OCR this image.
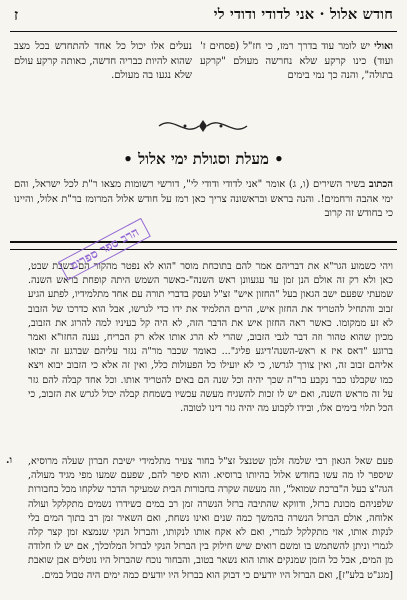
חודש אלול · אני לדודי ודודי לי
ז
ואולי יש לומר עוד בדרך רמז, כי חז"ל (פסחים ז' ועוד) כינו קרקע שלא נחרשה מעולם "קרקע בתולה", והנה כך נמי בימים
נעלים אלו יכול כל אחד להתחדש בכל מצב שהוא להיות כבריה חדשה, כאותה קרקע עולם שלא נגעו בה מעולם.
• מעלת וסגולת ימי אלול •
הכתוב בשיר השירים (ו, ג) אומר "אני לדודי ודודי לי", דורשי רשומות מצאו ר"ת לכל ישראל, והם ימי אהבה ורחמים!. והנה בראש ובראשונה צריך כאן רמז על חודש אלול המרומז בר"ת אלול, והיינו כי בחודש זה קרוב
ויהי כשמוע הגר"א את דבריהם אמר להם בתוכחת מוסר "הוא לא נפטר מהקור הם בשבת שבט, כאן ולא רק זה אולם הנן זמן עד עגעוונן ראש השנה"-כאשר השמש היתה קופחת בראש השנה. שמעתי שפעם ישב הגאון בעל "החזון איש" זצ"ל ועסק בדברי תורה עם אחד מתלמידיו, לפתע הגיע זבוב והתחיל להטריד את החזון איש, הרים התלמיד את ידו כדי לגרשו, אבל הוא כדרכו של הזבוב לא זע ממקומו. כאשר ראה החזון איש את הדבר הזה, לא היה קל בעיניו למה להרוג את הזבוב, מכיון שהוא טהור וזה דבר לגבי הזבוב, שהרי לא הרג אותו אלא רק הבריח, נענה החזו"א ואמר ברוגע "דאס איז א ראש-השנה'דיגע פליג"... כאומר שכבר מר"ה נגזר עליהם שברגע זה יבואו אליהם זבוב זה, ואין צורך לגרשו, כי לא יועילו כל הפעולות כלל, ואין זה אלא כי הזבוב יבוא ויצא כמו שקבלנו כבר נקבע בר"ה שכך יהיה וכל שנה הם באים להטריד אותו. וכל אחד קבלה להם גזר על זה מראש השנה, ואם יש לו זכות להשגיח מעשה עכשיו בשמחת קבלה יכול לגרש את הזבוב, כי הכל תלוי בימים אלו, ובידו לקבוע מה יהיה גזר דינו לטובה.
ו. פעם שאל הגאון רבי שלמה זלמן שטנצל זצ"ל בחור צעיר מתלמידי ישיבת חברון שעלה מרוסיא, שיספר לו מה עשו בחודש אלול בהיותו ברוסיא. והוא סיפר להם, שפעם שמעו מפי מגיד מעולה, הגה"צ בעל ה"ברכת שמואל", וזה מעשה שקרה בחבורות הבית שמעיקר הדבר שלקחו מכל בחבורות שלפניהם מכונת ברזל, ודווקא שהתיבה ברזל הנשרה זמן רב במים כשידרו נשמים מתקלקל ועולה אלוחה, אולם הברזל הנשרה בהמשך כמה שנים ואינו נשחת, ואם השאיר זמן רב בתוך המים בלי לנקות אותו, אזי מתקלקל לגמרי, ואם לא אקח אותו לנקותו, והברזל הנקי שנמצא זמן קצר קלה לגמרי וניתן להשתמש בו ומשם רואים שיש חילוק בין הברזל הנקי לברזל המלוכלך, אם יש לו חלודה מן המים, אבל כל הזמן שמנקים אותו הוא נשאר בטוב, והבחור נוכח שהברזל היו נוטלים אבן שואבת [מגנ"ט בלע"ז], ואם הברזל היו יודעים כי דבוק הוא בברזל היו יודעים כמה ימים היה טבול במים.
הרב ספר ספרים
